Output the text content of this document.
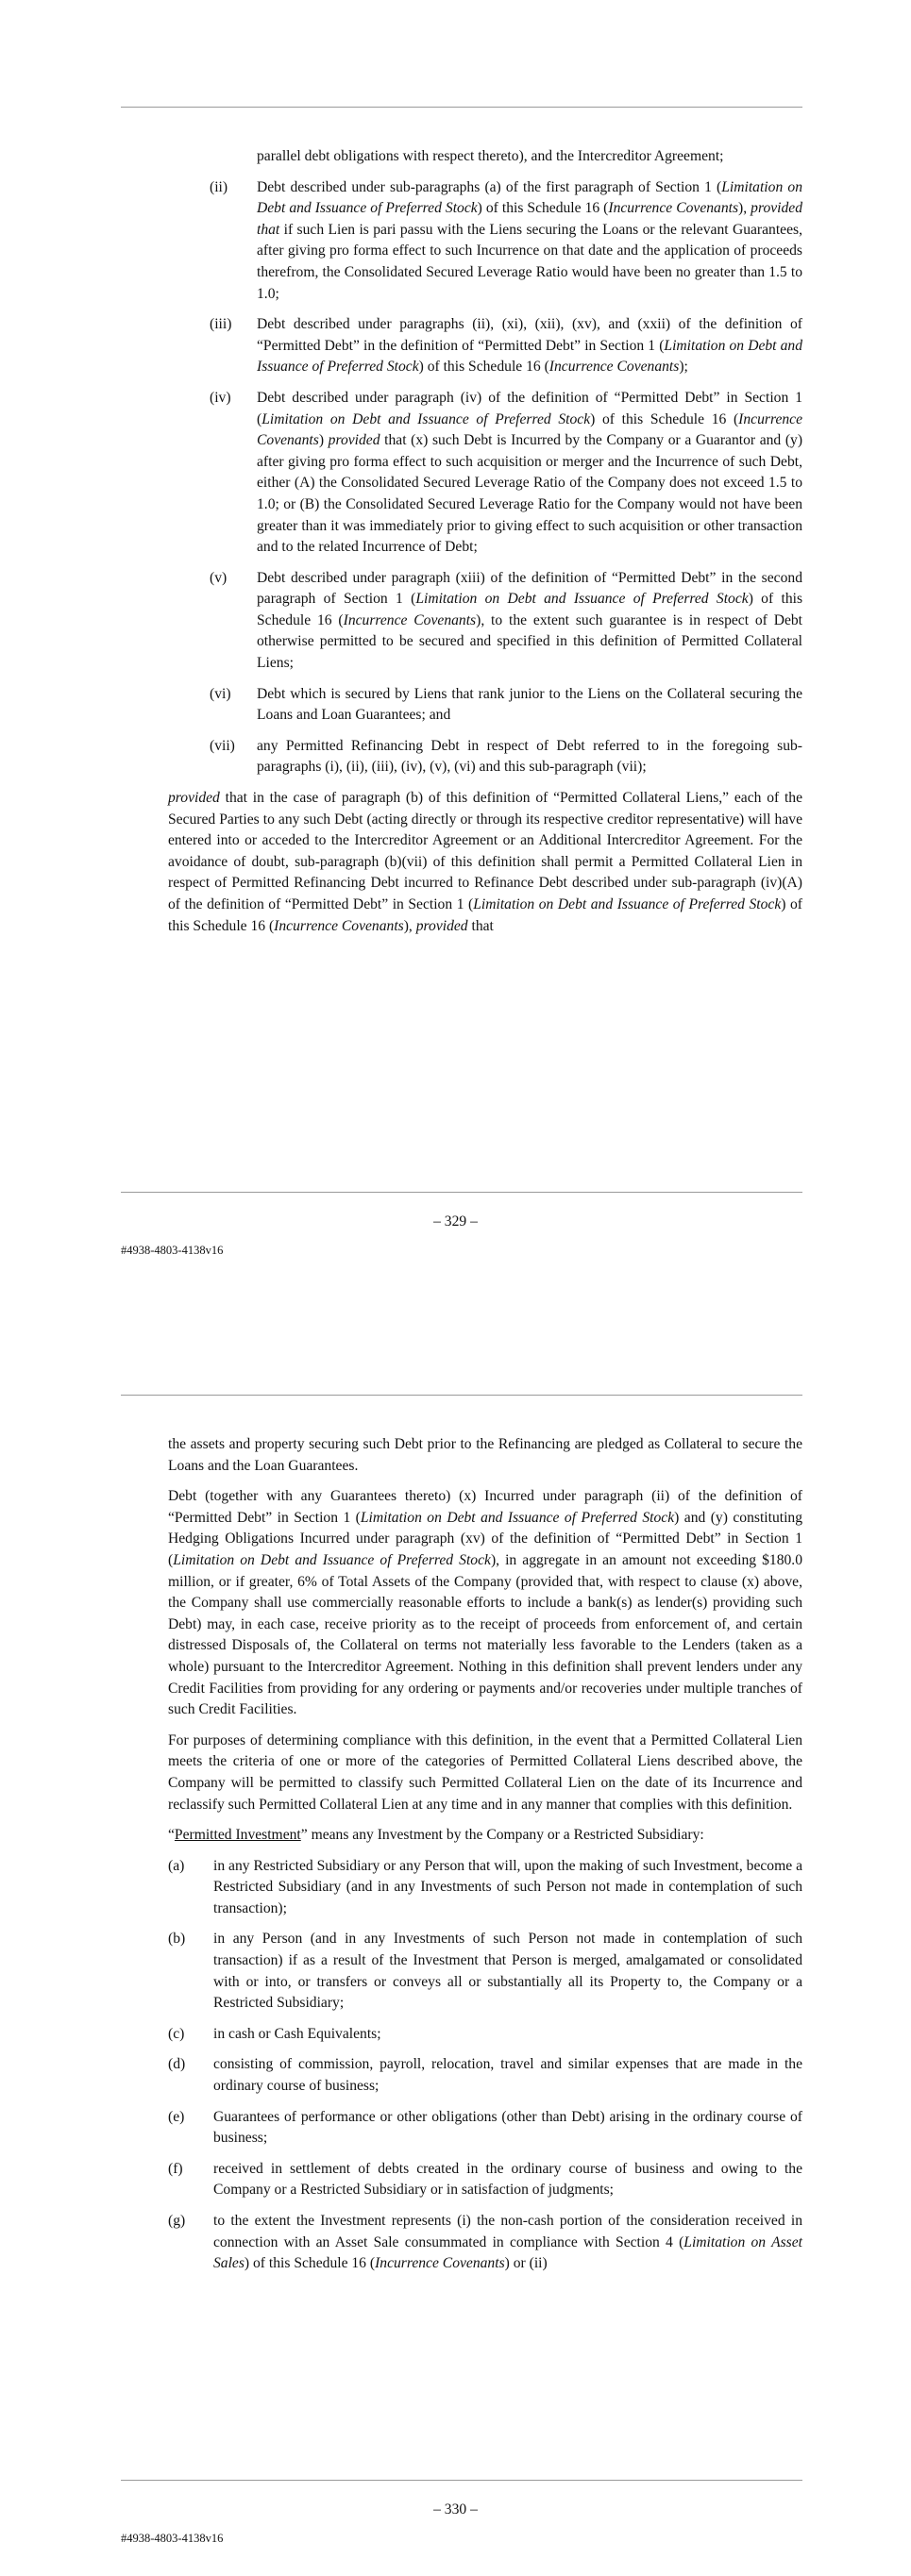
parallel debt obligations with respect thereto), and the Intercreditor Agreement;

(ii) Debt described under sub-paragraphs (a) of the first paragraph of Section 1 (Limitation on Debt and Issuance of Preferred Stock) of this Schedule 16 (Incurrence Covenants), provided that if such Lien is pari passu with the Liens securing the Loans or the relevant Guarantees, after giving pro forma effect to such Incurrence on that date and the application of proceeds therefrom, the Consolidated Secured Leverage Ratio would have been no greater than 1.5 to 1.0;
(iii) Debt described under paragraphs (ii), (xi), (xii), (xv), and (xxii) of the definition of “Permitted Debt” in the definition of “Permitted Debt” in Section 1 (Limitation on Debt and Issuance of Preferred Stock) of this Schedule 16 (Incurrence Covenants);
(iv) Debt described under paragraph (iv) of the definition of “Permitted Debt” in Section 1 (Limitation on Debt and Issuance of Preferred Stock) of this Schedule 16 (Incurrence Covenants) provided that (x) such Debt is Incurred by the Company or a Guarantor and (y) after giving pro forma effect to such acquisition or merger and the Incurrence of such Debt, either (A) the Consolidated Secured Leverage Ratio of the Company does not exceed 1.5 to 1.0; or (B) the Consolidated Secured Leverage Ratio for the Company would not have been greater than it was immediately prior to giving effect to such acquisition or other transaction and to the related Incurrence of Debt;
(v) Debt described under paragraph (xiii) of the definition of “Permitted Debt” in the second paragraph of Section 1 (Limitation on Debt and Issuance of Preferred Stock) of this Schedule 16 (Incurrence Covenants), to the extent such guarantee is in respect of Debt otherwise permitted to be secured and specified in this definition of Permitted Collateral Liens;
(vi) Debt which is secured by Liens that rank junior to the Liens on the Collateral securing the Loans and Loan Guarantees; and
(vii) any Permitted Refinancing Debt in respect of Debt referred to in the foregoing sub-paragraphs (i), (ii), (iii), (iv), (v), (vi) and this sub-paragraph (vii);

provided that in the case of paragraph (b) of this definition of “Permitted Collateral Liens,” each of the Secured Parties to any such Debt (acting directly or through its respective creditor representative) will have entered into or acceded to the Intercreditor Agreement or an Additional Intercreditor Agreement. For the avoidance of doubt, sub-paragraph (b)(vii) of this definition shall permit a Permitted Collateral Lien in respect of Permitted Refinancing Debt incurred to Refinance Debt described under sub-paragraph (iv)(A) of the definition of “Permitted Debt” in Section 1 (Limitation on Debt and Issuance of Preferred Stock) of this Schedule 16 (Incurrence Covenants), provided that

– 329 –
#4938-4803-4138v16

the assets and property securing such Debt prior to the Refinancing are pledged as Collateral to secure the Loans and the Loan Guarantees.

Debt (together with any Guarantees thereto) (x) Incurred under paragraph (ii) of the definition of “Permitted Debt” in Section 1 (Limitation on Debt and Issuance of Preferred Stock) and (y) constituting Hedging Obligations Incurred under paragraph (xv) of the definition of “Permitted Debt” in Section 1 (Limitation on Debt and Issuance of Preferred Stock), in aggregate in an amount not exceeding $180.0 million, or if greater, 6% of Total Assets of the Company (provided that, with respect to clause (x) above, the Company shall use commercially reasonable efforts to include a bank(s) as lender(s) providing such Debt) may, in each case, receive priority as to the receipt of proceeds from enforcement of, and certain distressed Disposals of, the Collateral on terms not materially less favorable to the Lenders (taken as a whole) pursuant to the Intercreditor Agreement. Nothing in this definition shall prevent lenders under any Credit Facilities from providing for any ordering or payments and/or recoveries under multiple tranches of such Credit Facilities.

For purposes of determining compliance with this definition, in the event that a Permitted Collateral Lien meets the criteria of one or more of the categories of Permitted Collateral Liens described above, the Company will be permitted to classify such Permitted Collateral Lien on the date of its Incurrence and reclassify such Permitted Collateral Lien at any time and in any manner that complies with this definition.

“Permitted Investment” means any Investment by the Company or a Restricted Subsidiary:

(a) in any Restricted Subsidiary or any Person that will, upon the making of such Investment, become a Restricted Subsidiary (and in any Investments of such Person not made in contemplation of such transaction);
(b) in any Person (and in any Investments of such Person not made in contemplation of such transaction) if as a result of the Investment that Person is merged, amalgamated or consolidated with or into, or transfers or conveys all or substantially all its Property to, the Company or a Restricted Subsidiary;
(c) in cash or Cash Equivalents;
(d) consisting of commission, payroll, relocation, travel and similar expenses that are made in the ordinary course of business;
(e) Guarantees of performance or other obligations (other than Debt) arising in the ordinary course of business;
(f) received in settlement of debts created in the ordinary course of business and owing to the Company or a Restricted Subsidiary or in satisfaction of judgments;
(g) to the extent the Investment represents (i) the non-cash portion of the consideration received in connection with an Asset Sale consummated in compliance with Section 4 (Limitation on Asset Sales) of this Schedule 16 (Incurrence Covenants) or (ii)
– 330 –
#4938-4803-4138v16
